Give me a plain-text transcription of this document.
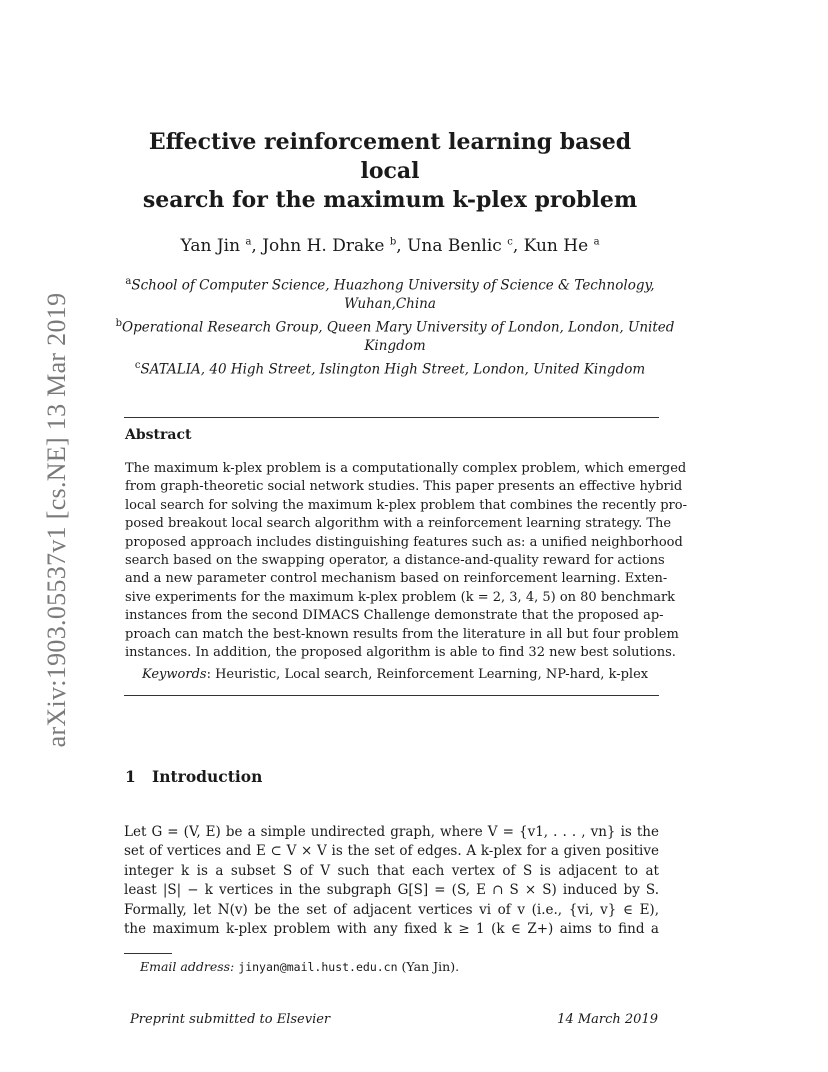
arXiv:1903.05537v1 [cs.NE] 13 Mar 2019
Effective reinforcement learning based local
search for the maximum k-plex problem
Yan Jin $^a$, John H. Drake $^b$, Una Benlic $^c$, Kun He $^a$
$^a$School of Computer Science, Huazhong University of Science & Technology,
Wuhan,China
$^b$Operational Research Group, Queen Mary University of London, London, United
Kingdom
$^c$SATALIA, 40 High Street, Islington High Street, London, United Kingdom
Abstract
The maximum k-plex problem is a computationally complex problem, which emerged
from graph-theoretic social network studies. This paper presents an effective hybrid
local search for solving the maximum k-plex problem that combines the recently pro-
posed breakout local search algorithm with a reinforcement learning strategy. The
proposed approach includes distinguishing features such as: a unified neighborhood
search based on the swapping operator, a distance-and-quality reward for actions
and a new parameter control mechanism based on reinforcement learning. Exten-
sive experiments for the maximum k-plex problem (k = 2, 3, 4, 5) on 80 benchmark
instances from the second DIMACS Challenge demonstrate that the proposed ap-
proach can match the best-known results from the literature in all but four problem
instances. In addition, the proposed algorithm is able to find 32 new best solutions.
Keywords: Heuristic, Local search, Reinforcement Learning, NP-hard, k-plex
1 Introduction
Let G = (V, E) be a simple undirected graph, where V = {v1, . . . , vn} is the
set of vertices and E ⊂ V × V is the set of edges. A k-plex for a given positive
integer k is a subset S of V such that each vertex of S is adjacent to at
least |S| − k vertices in the subgraph G[S] = (S, E ∩ S × S) induced by S.
Formally, let N(v) be the set of adjacent vertices vi of v (i.e., {vi, v} ∈ E),
the maximum k-plex problem with any fixed k ≥ 1 (k ∈ Z+) aims to find a
Email address: jinyan@mail.hust.edu.cn (Yan Jin).
Preprint submitted to Elsevier	14 March 2019
